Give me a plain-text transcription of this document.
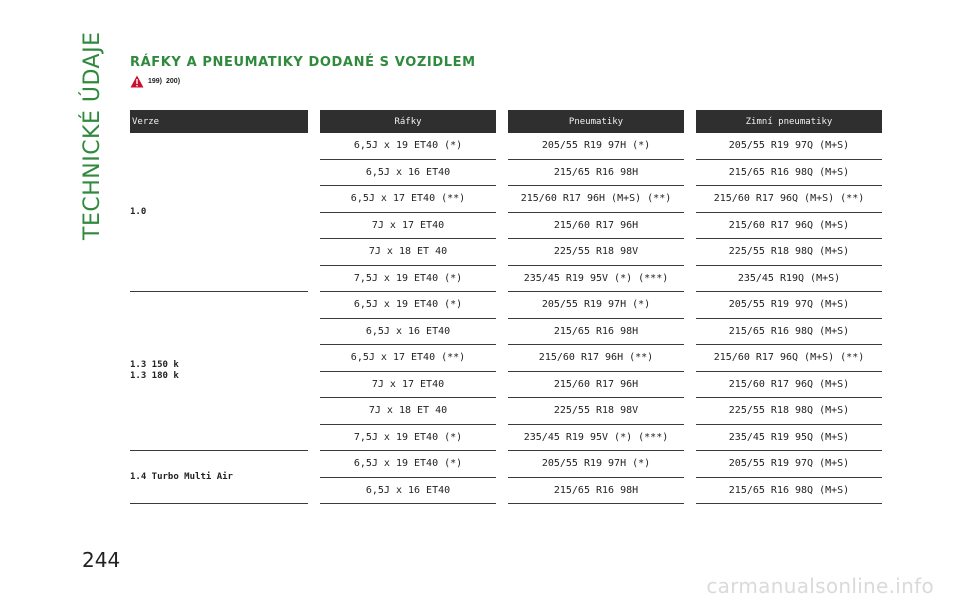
TECHNICKÉ ÚDAJE
244
RÁFKY A PNEUMATIKY DODANÉ S VOZIDLEM
199) 200)
Verze	Ráfky	Pneumatiky	Zimní pneumatiky

1.0	6,5J x 19 ET40 (*)	205/55 R19 97H (*)	205/55 R19 97Q (M+S)
	6,5J x 16 ET40	215/65 R16 98H	215/65 R16 98Q (M+S)
	6,5J x 17 ET40 (**)	215/60 R17 96H (M+S) (**)	215/60 R17 96Q (M+S) (**)
	7J x 17 ET40	215/60 R17 96H	215/60 R17 96Q (M+S)
	7J x 18 ET 40	225/55 R18 98V	225/55 R18 98Q (M+S)
	7,5J x 19 ET40 (*)	235/45 R19 95V (*) (***)	235/45 R19Q (M+S)

1.3 150 k
1.3 180 k	6,5J x 19 ET40 (*)	205/55 R19 97H (*)	205/55 R19 97Q (M+S)
	6,5J x 16 ET40	215/65 R16 98H	215/65 R16 98Q (M+S)
	6,5J x 17 ET40 (**)	215/60 R17 96H (**)	215/60 R17 96Q (M+S) (**)
	7J x 17 ET40	215/60 R17 96H	215/60 R17 96Q (M+S)
	7J x 18 ET 40	225/55 R18 98V	225/55 R18 98Q (M+S)
	7,5J x 19 ET40 (*)	235/45 R19 95V (*) (***)	235/45 R19 95Q (M+S)

1.4 Turbo Multi Air	6,5J x 19 ET40 (*)	205/55 R19 97H (*)	205/55 R19 97Q (M+S)
	6,5J x 16 ET40	215/65 R16 98H	215/65 R16 98Q (M+S)
carmanualsonline.info
